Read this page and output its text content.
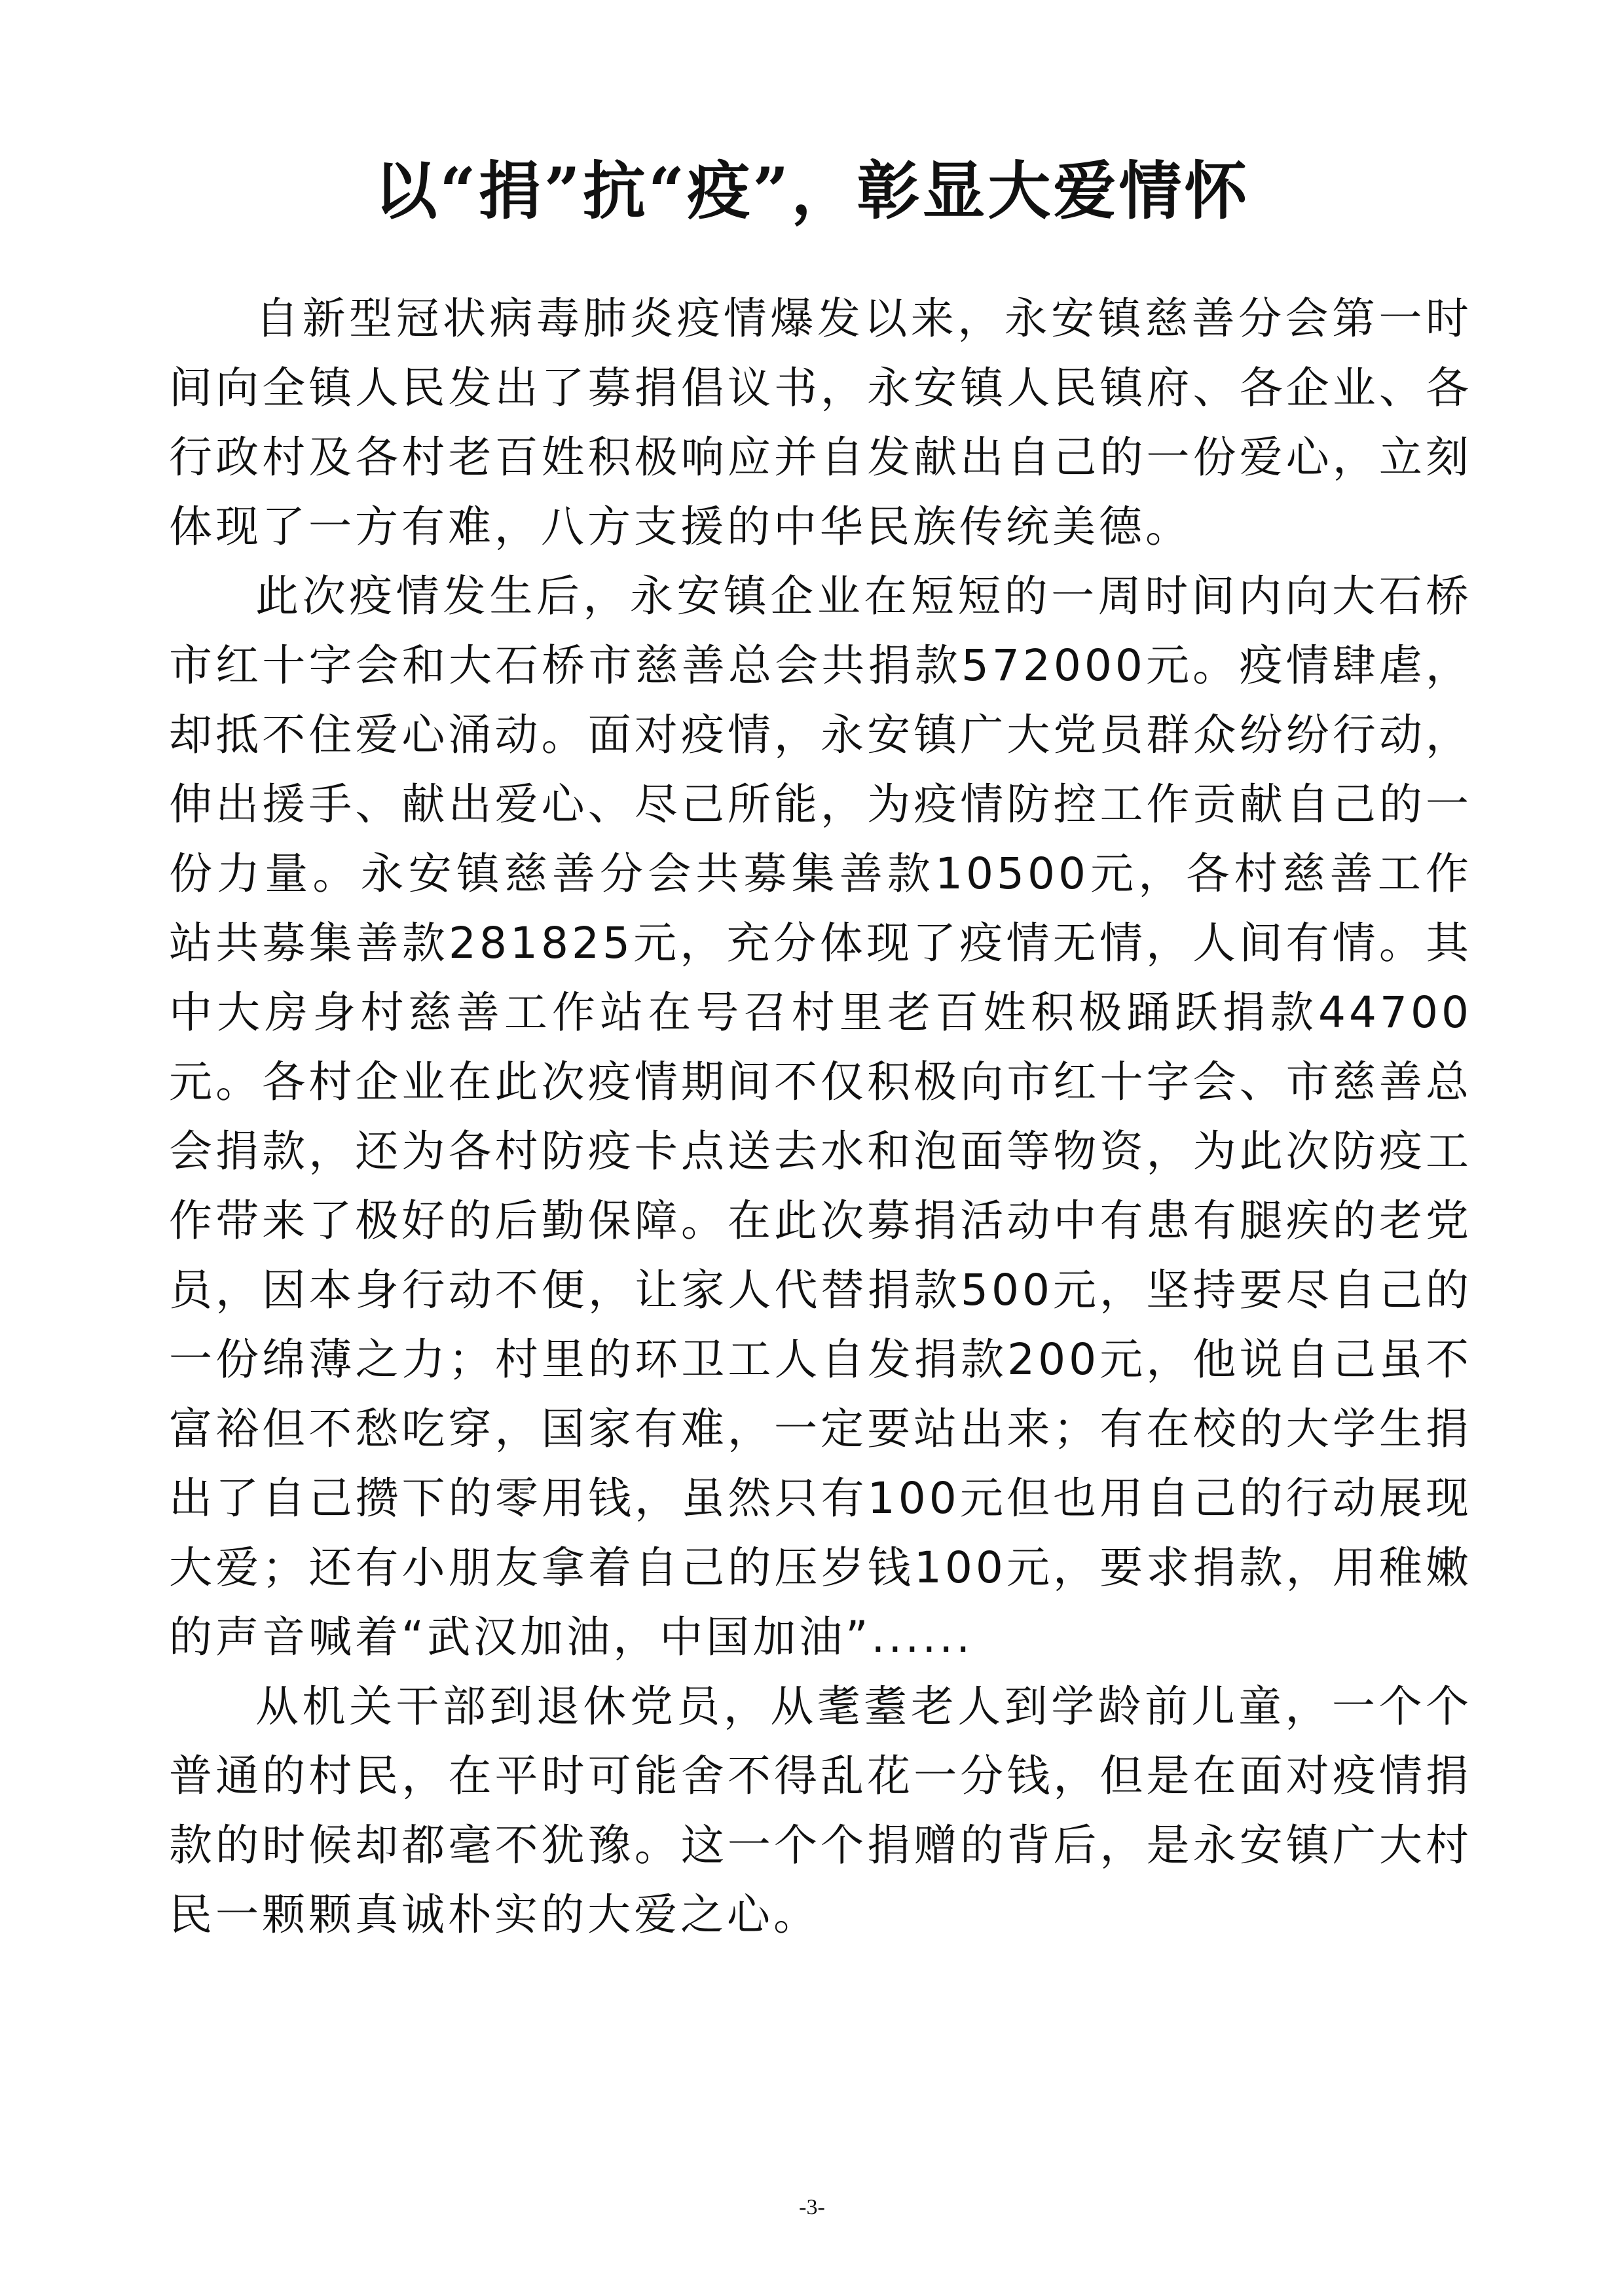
以“捐”抗“疫”，彰显大爱情怀

自新型冠状病毒肺炎疫情爆发以来，永安镇慈善分会第一时间向全镇人民发出了募捐倡议书，永安镇人民镇府、各企业、各行政村及各村老百姓积极响应并自发献出自己的一份爱心，立刻体现了一方有难，八方支援的中华民族传统美德。

此次疫情发生后，永安镇企业在短短的一周时间内向大石桥市红十字会和大石桥市慈善总会共捐款572000元。疫情肆虐，却抵不住爱心涌动。面对疫情，永安镇广大党员群众纷纷行动，伸出援手、献出爱心、尽己所能，为疫情防控工作贡献自己的一份力量。永安镇慈善分会共募集善款10500元，各村慈善工作站共募集善款281825元，充分体现了疫情无情，人间有情。其中大房身村慈善工作站在号召村里老百姓积极踊跃捐款44700元。各村企业在此次疫情期间不仅积极向市红十字会、市慈善总会捐款，还为各村防疫卡点送去水和泡面等物资，为此次防疫工作带来了极好的后勤保障。在此次募捐活动中有患有腿疾的老党员，因本身行动不便，让家人代替捐款500元，坚持要尽自己的一份绵薄之力；村里的环卫工人自发捐款200元，他说自己虽不富裕但不愁吃穿，国家有难，一定要站出来；有在校的大学生捐出了自己攒下的零用钱，虽然只有100元但也用自己的行动展现大爱；还有小朋友拿着自己的压岁钱100元，要求捐款，用稚嫩的声音喊着“武汉加油，中国加油”......

从机关干部到退休党员，从耄耋老人到学龄前儿童，一个个普通的村民，在平时可能舍不得乱花一分钱，但是在面对疫情捐款的时候却都毫不犹豫。这一个个捐赠的背后，是永安镇广大村民一颗颗真诚朴实的大爱之心。

-3-
